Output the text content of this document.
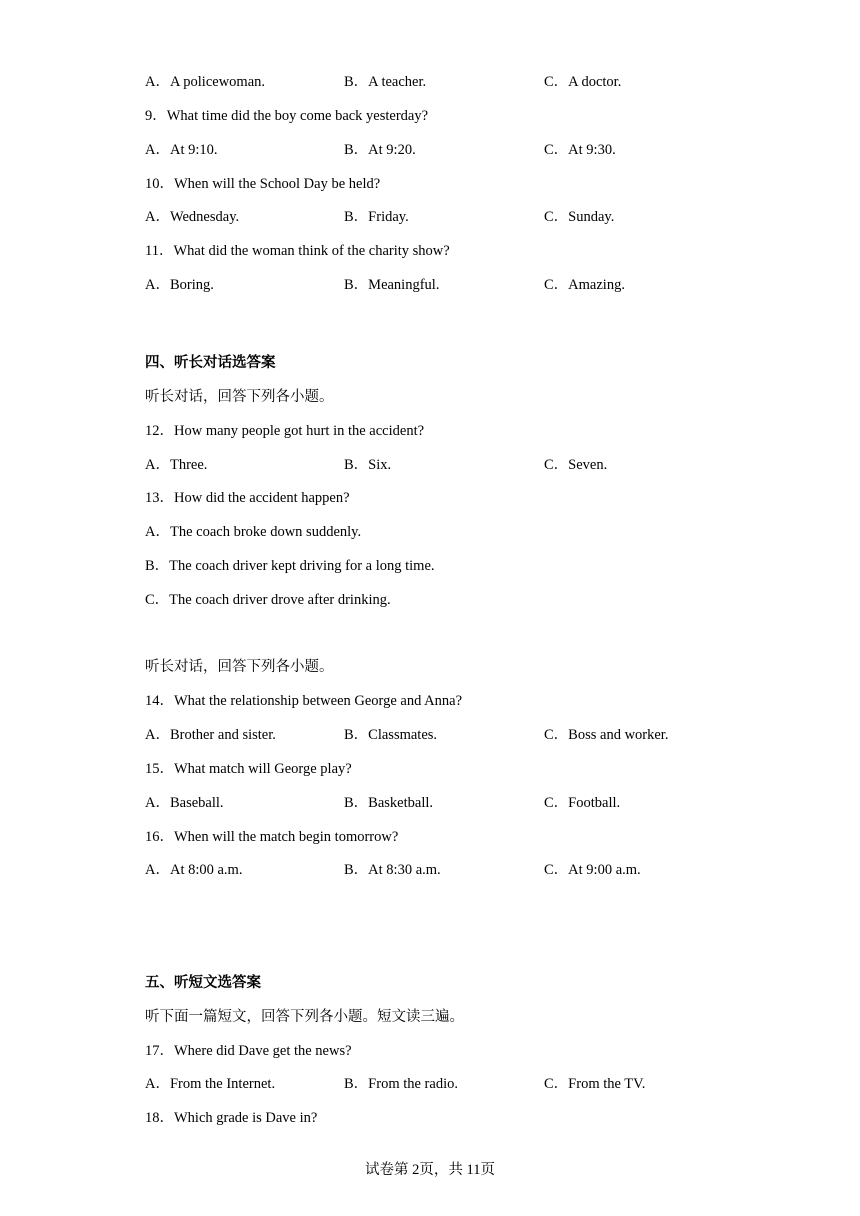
A．A policewoman.	B．A teacher.	C．A doctor.
9．What time did the boy come back yesterday?
A．At 9:10.	B．At 9:20.	C．At 9:30.
10．When will the School Day be held?
A．Wednesday.	B．Friday.	C．Sunday.
11．What did the woman think of the charity show?
A．Boring.	B．Meaningful.	C．Amazing.
四、听长对话选答案
听长对话，回答下列各小题。
12．How many people got hurt in the accident?
A．Three.	B．Six.	C．Seven.
13．How did the accident happen?
A．The coach broke down suddenly.
B．The coach driver kept driving for a long time.
C．The coach driver drove after drinking.
听长对话，回答下列各小题。
14．What the relationship between George and Anna?
A．Brother and sister.	B．Classmates.	C．Boss and worker.
15．What match will George play?
A．Baseball.	B．Basketball.	C．Football.
16．When will the match begin tomorrow?
A．At 8:00 a.m.	B．At 8:30 a.m.	C．At 9:00 a.m.
五、听短文选答案
听下面一篇短文，回答下列各小题。短文读三遍。
17．Where did Dave get the news?
A．From the Internet.	B．From the radio.	C．From the TV.
18．Which grade is Dave in?
试卷第 2页，共 11页
